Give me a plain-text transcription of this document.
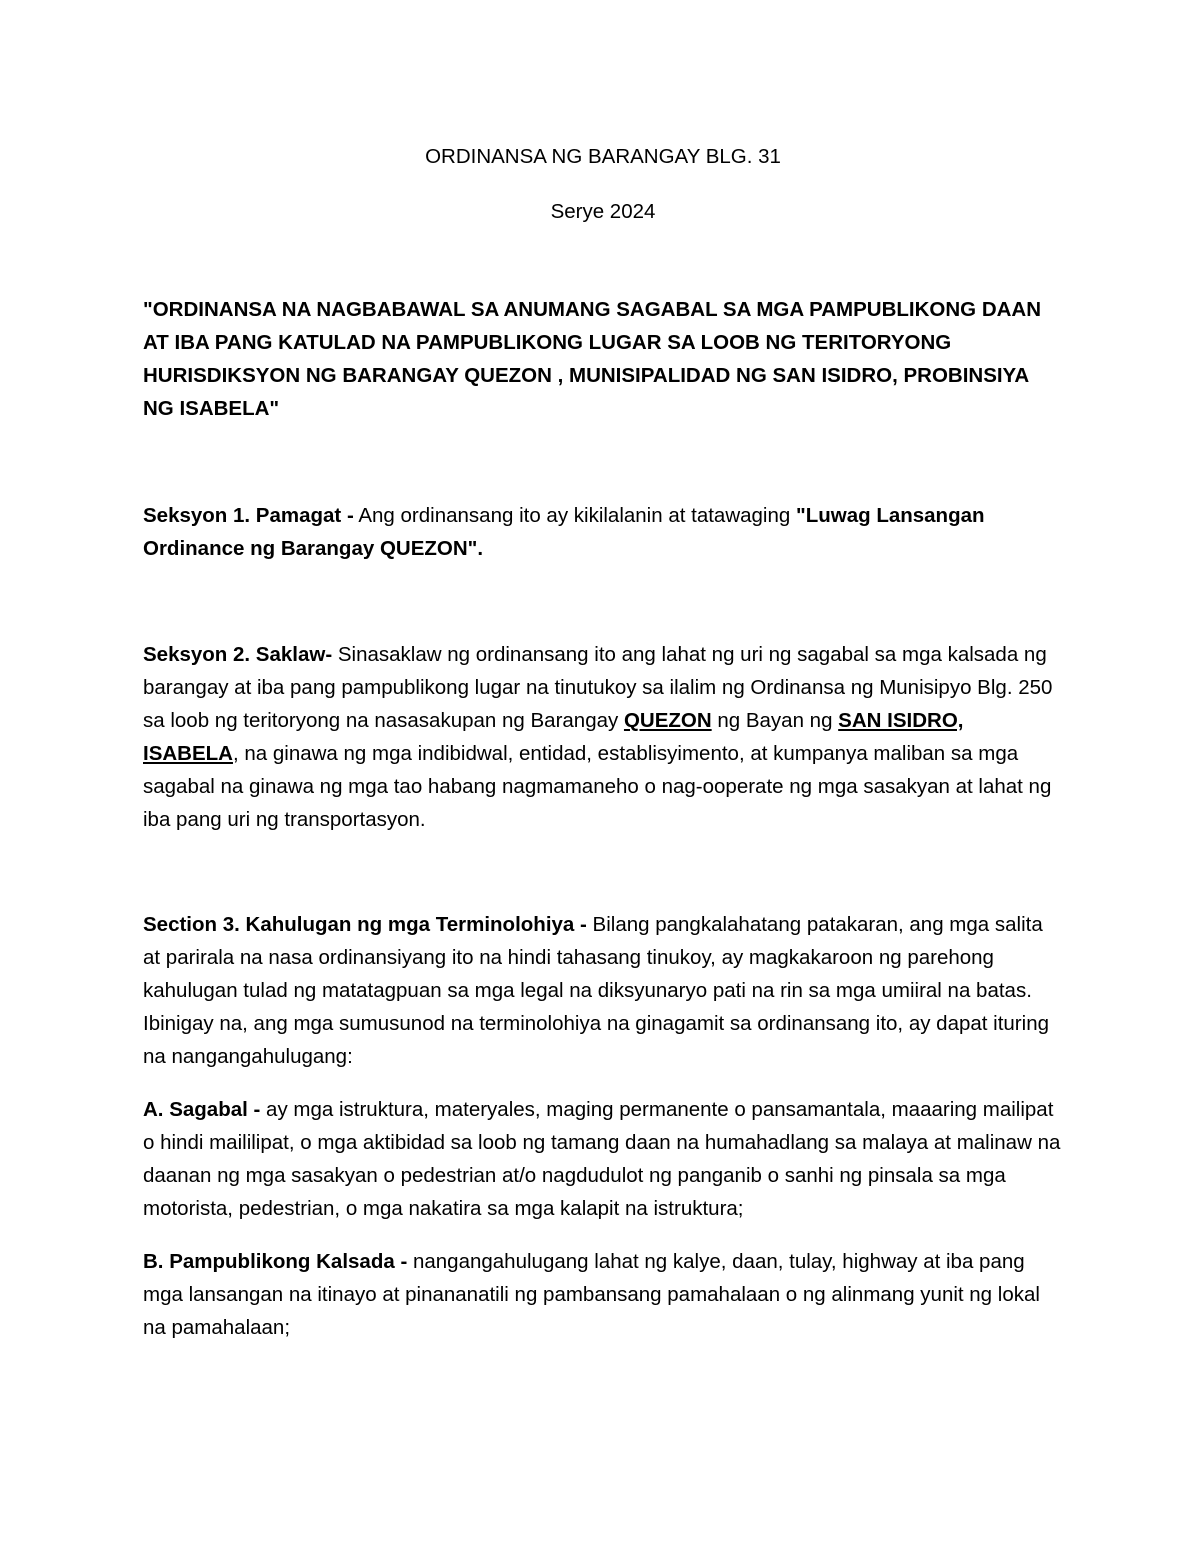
ORDINANSA NG BARANGAY BLG. 31

Serye 2024

"ORDINANSA NA NAGBABAWAL SA ANUMANG SAGABAL SA MGA PAMPUBLIKONG DAAN AT IBA PANG KATULAD NA PAMPUBLIKONG LUGAR SA LOOB NG TERITORYONG HURISDIKSYON NG BARANGAY QUEZON , MUNISIPALIDAD NG SAN ISIDRO, PROBINSIYA NG ISABELA"

Seksyon 1. Pamagat - Ang ordinansang ito ay kikilalanin at tatawaging "Luwag Lansangan Ordinance ng Barangay QUEZON".

Seksyon 2. Saklaw- Sinasaklaw ng ordinansang ito ang lahat ng uri ng sagabal sa mga kalsada ng barangay at iba pang pampublikong lugar na tinutukoy sa ilalim ng Ordinansa ng Munisipyo Blg. 250 sa loob ng teritoryong na nasasakupan ng Barangay QUEZON ng Bayan ng SAN ISIDRO, ISABELA, na ginawa ng mga indibidwal, entidad, establisyimento, at kumpanya maliban sa mga sagabal na ginawa ng mga tao habang nagmamaneho o nag-ooperate ng mga sasakyan at lahat ng iba pang uri ng transportasyon.

Section 3. Kahulugan ng mga Terminolohiya - Bilang pangkalahatang patakaran, ang mga salita at parirala na nasa ordinansiyang ito na hindi tahasang tinukoy, ay magkakaroon ng parehong kahulugan tulad ng matatagpuan sa mga legal na diksyunaryo pati na rin sa mga umiiral na batas. Ibinigay na, ang mga sumusunod na terminolohiya na ginagamit sa ordinansang ito, ay dapat ituring na nangangahulugang:

A. Sagabal - ay mga istruktura, materyales, maging permanente o pansamantala, maaaring mailipat o hindi maililipat, o mga aktibidad sa loob ng tamang daan na humahadlang sa malaya at malinaw na daanan ng mga sasakyan o pedestrian at/o nagdudulot ng panganib o sanhi ng pinsala sa mga motorista, pedestrian, o mga nakatira sa mga kalapit na istruktura;

B. Pampublikong Kalsada - nangangahulugang lahat ng kalye, daan, tulay, highway at iba pang mga lansangan na itinayo at pinananatili ng pambansang pamahalaan o ng alinmang yunit ng lokal na pamahalaan;
